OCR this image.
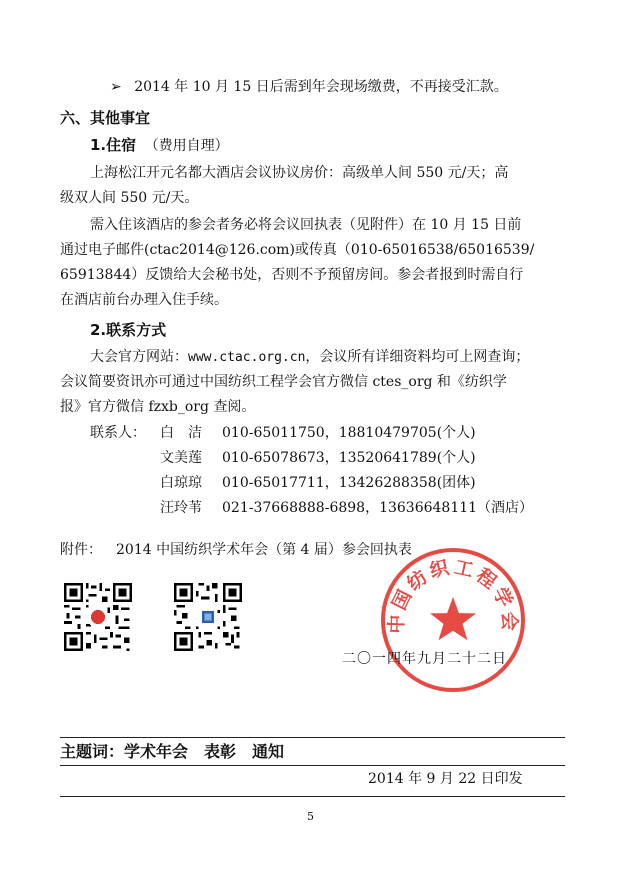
➢ 2014 年 10 月 15 日后需到年会现场缴费，不再接受汇款。
六、其他事宜
1.住宿 （费用自理）
上海松江开元名都大酒店会议协议房价：高级单人间 550 元/天；高
级双人间 550 元/天。
需入住该酒店的参会者务必将会议回执表（见附件）在 10 月 15 日前
通过电子邮件(ctac2014@126.com)或传真（010-65016538/65016539/
65913844）反馈给大会秘书处，否则不予预留房间。参会者报到时需自行
在酒店前台办理入住手续。
2.联系方式
大会官方网站：www.ctac.org.cn，会议所有详细资料均可上网查询；
会议简要资讯亦可通过中国纺织工程学会官方微信 ctes_org 和《纺织学
报》官方微信 fzxb_org 查阅。
联系人： 白　洁 010-65011750，18810479705(个人)
文美莲 010-65078673，13520641789(个人)
白琼琼 010-65017711，13426288358(团体)
汪玲苇 021-37668888-6898，13636648111（酒店）
附件： 2014 中国纺织学术年会（第 4 届）参会回执表
中国纺织工程学会
二〇一四年九月二十二日
主题词：学术年会　表彰　通知
2014 年 9 月 22 日印发
5
